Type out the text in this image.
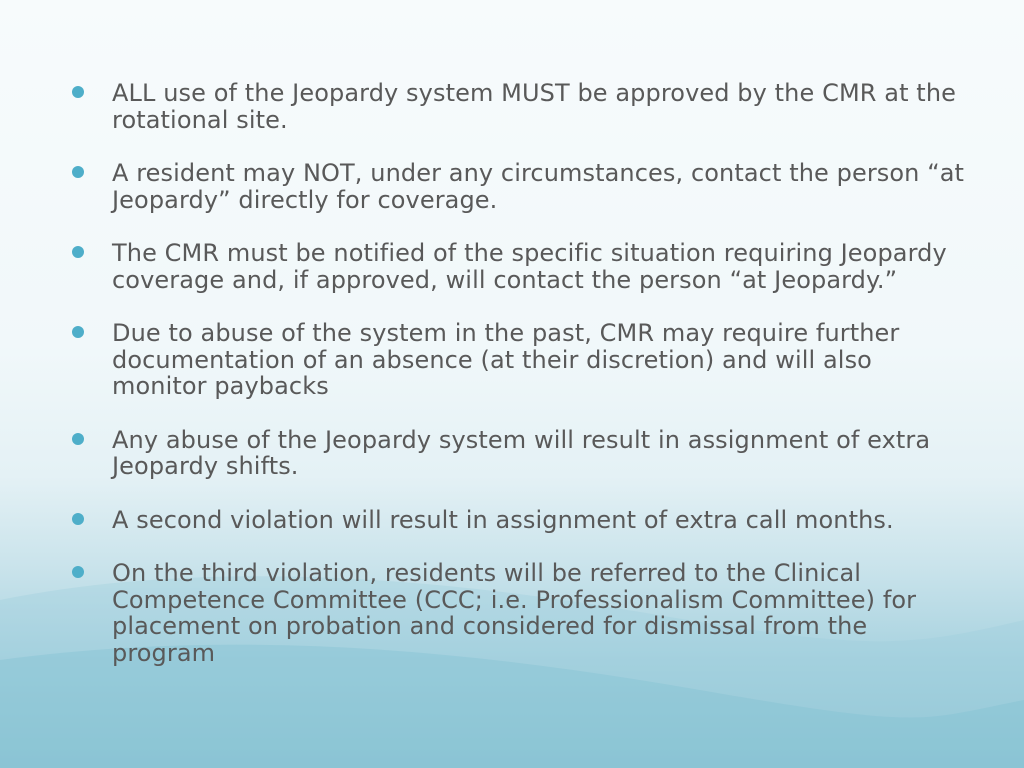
ALL use of the Jeopardy system MUST be approved by the CMR at the rotational site.
A resident may NOT, under any circumstances, contact the person “at Jeopardy” directly for coverage.
The CMR must be notified of the specific situation requiring Jeopardy coverage and, if approved, will contact the person “at Jeopardy.”
Due to abuse of the system in the past, CMR may require further documentation of an absence (at their discretion) and will also monitor paybacks
Any abuse of the Jeopardy system will result in assignment of extra Jeopardy shifts.
A second violation will result in assignment of extra call months.
On the third violation, residents will be referred to the Clinical Competence Committee (CCC; i.e. Professionalism Committee) for placement on probation and considered for dismissal from the program
